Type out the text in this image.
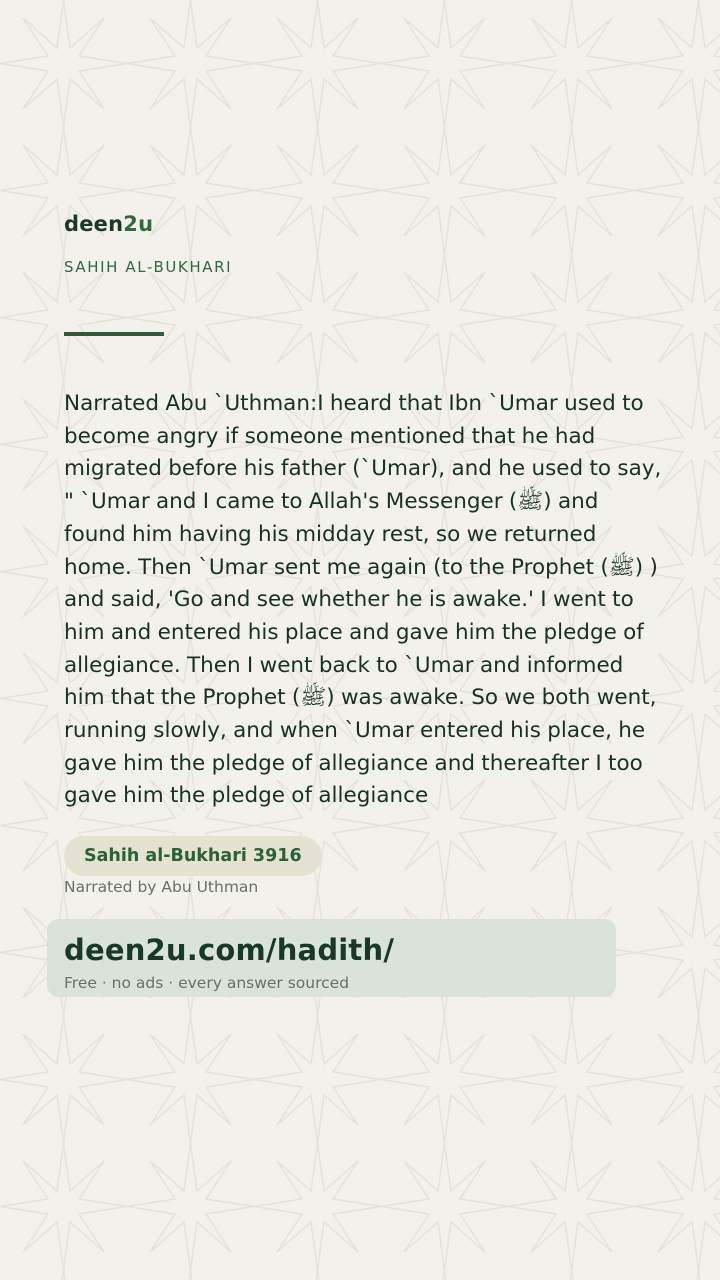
deen2u
SAHIH AL-BUKHARI

Narrated Abu `Uthman:I heard that Ibn `Umar used to become angry if someone mentioned that he had migrated before his father (`Umar), and he used to say, " `Umar and I came to Allah's Messenger (ﷺ) and found him having his midday rest, so we returned home. Then `Umar sent me again (to the Prophet (ﷺ) ) and said, 'Go and see whether he is awake.' I went to him and entered his place and gave him the pledge of allegiance. Then I went back to `Umar and informed him that the Prophet (ﷺ) was awake. So we both went, running slowly, and when `Umar entered his place, he gave him the pledge of allegiance and thereafter I too gave him the pledge of allegiance

Sahih al-Bukhari 3916
Narrated by Abu Uthman
deen2u.com/hadith/
Free · no ads · every answer sourced
